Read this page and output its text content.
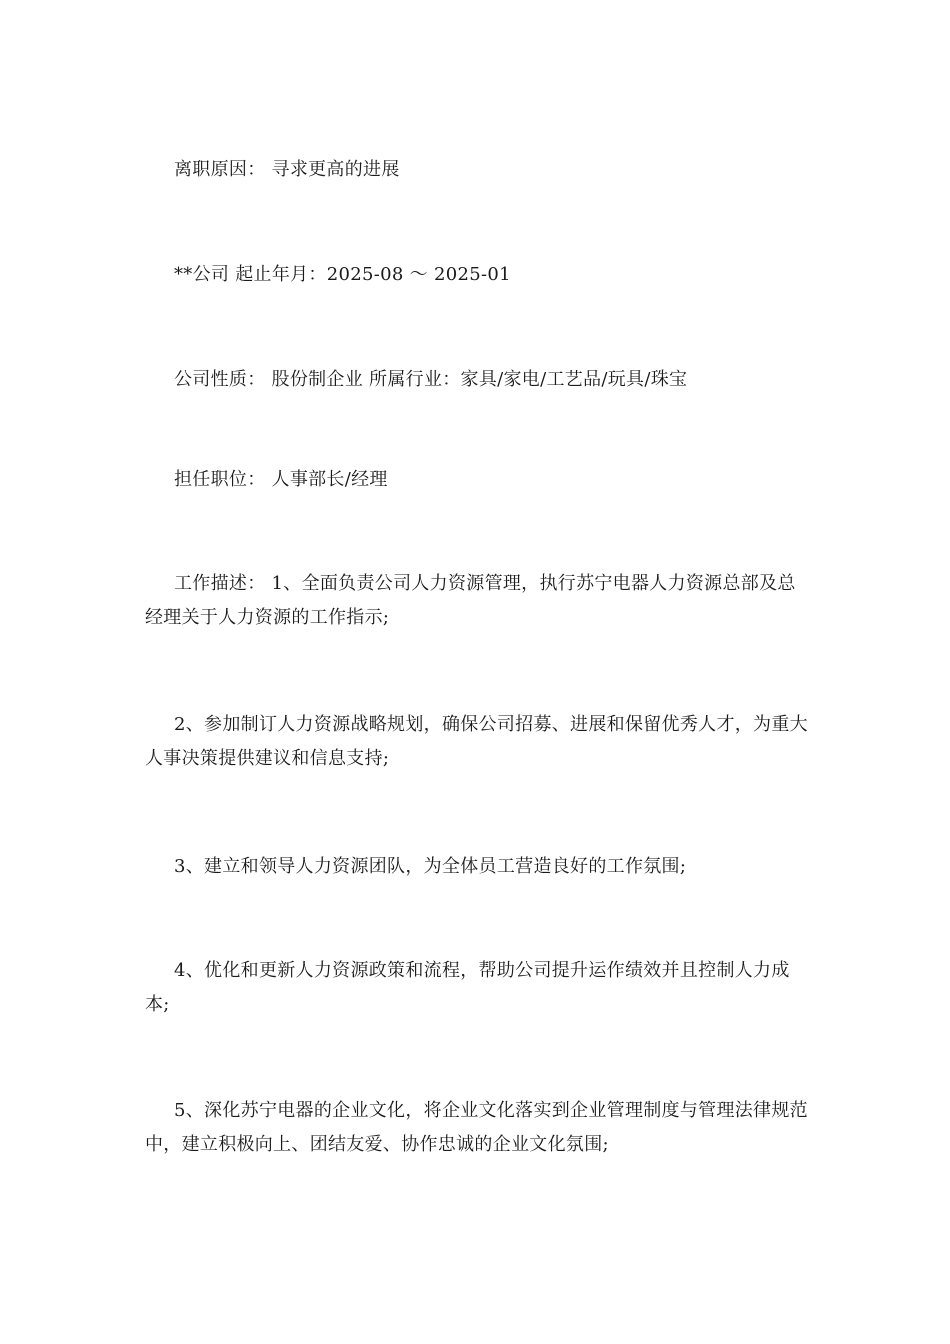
离职原因： 寻求更高的进展

**公司 起止年月：2025-08 ～ 2025-01

公司性质： 股份制企业 所属行业：家具/家电/工艺品/玩具/珠宝

担任职位： 人事部长/经理

工作描述： 1、全面负责公司人力资源管理，执行苏宁电器人力资源总部及总经理关于人力资源的工作指示;

2、参加制订人力资源战略规划，确保公司招募、进展和保留优秀人才，为重大人事决策提供建议和信息支持;

3、建立和领导人力资源团队，为全体员工营造良好的工作氛围;

4、优化和更新人力资源政策和流程，帮助公司提升运作绩效并且控制人力成本;

5、深化苏宁电器的企业文化，将企业文化落实到企业管理制度与管理法律规范中，建立积极向上、团结友爱、协作忠诚的企业文化氛围;
